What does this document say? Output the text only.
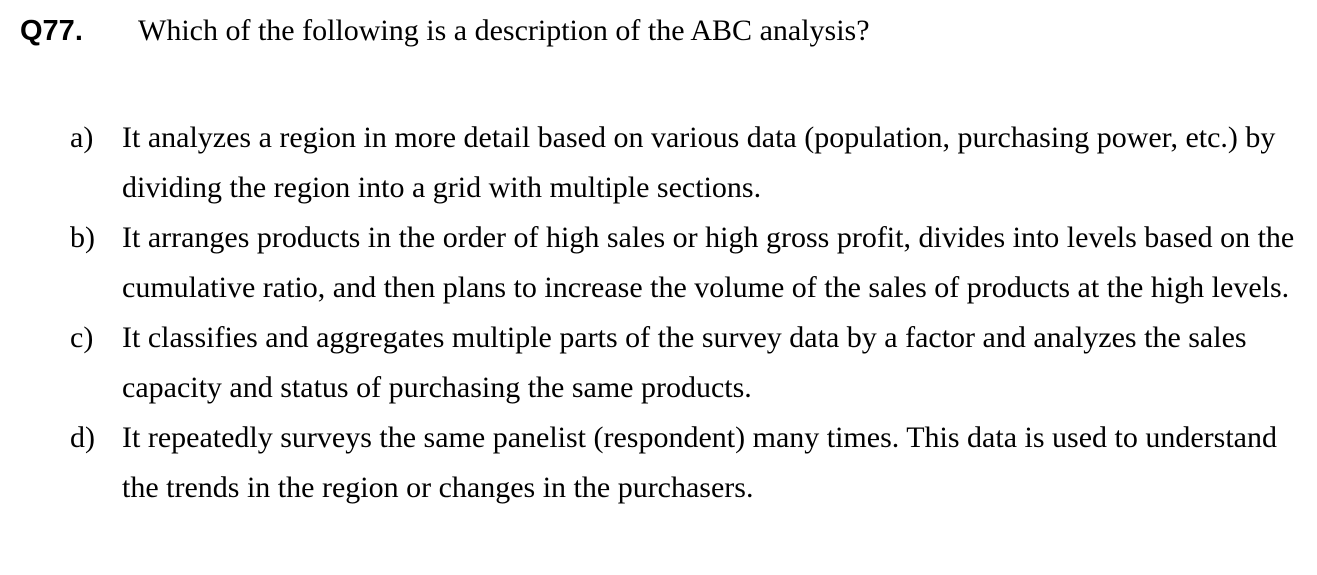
Q77.	Which of the following is a description of the ABC analysis?
a) It analyzes a region in more detail based on various data (population, purchasing power, etc.) by dividing the region into a grid with multiple sections.
b) It arranges products in the order of high sales or high gross profit, divides into levels based on the cumulative ratio, and then plans to increase the volume of the sales of products at the high levels.
c) It classifies and aggregates multiple parts of the survey data by a factor and analyzes the sales capacity and status of purchasing the same products.
d) It repeatedly surveys the same panelist (respondent) many times. This data is used to understand the trends in the region or changes in the purchasers.
